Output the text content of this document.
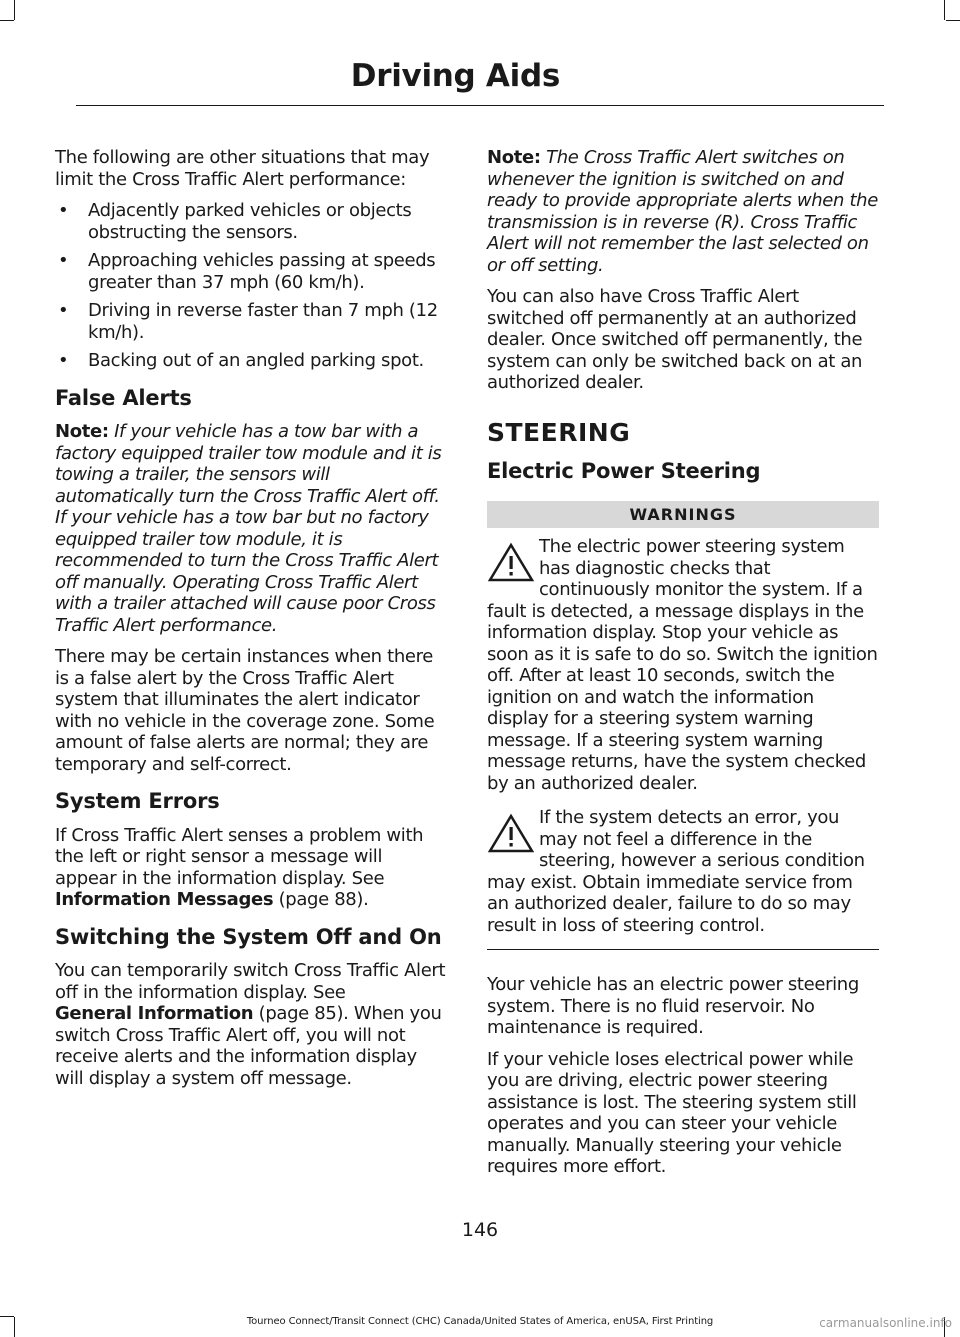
Driving Aids

The following are other situations that may limit the Cross Traffic Alert performance:

• Adjacently parked vehicles or objects obstructing the sensors.
• Approaching vehicles passing at speeds greater than 37 mph (60 km/h).
• Driving in reverse faster than 7 mph (12 km/h).
• Backing out of an angled parking spot.
False Alerts

Note: If your vehicle has a tow bar with a factory equipped trailer tow module and it is towing a trailer, the sensors will automatically turn the Cross Traffic Alert off. If your vehicle has a tow bar but no factory equipped trailer tow module, it is recommended to turn the Cross Traffic Alert off manually. Operating Cross Traffic Alert with a trailer attached will cause poor Cross Traffic Alert performance.

There may be certain instances when there is a false alert by the Cross Traffic Alert system that illuminates the alert indicator with no vehicle in the coverage zone. Some amount of false alerts are normal; they are temporary and self-correct.

System Errors

If Cross Traffic Alert senses a problem with the left or right sensor a message will appear in the information display. See
Information Messages (page 88).

Switching the System Off and On

You can temporarily switch Cross Traffic Alert off in the information display. See
General Information (page 85). When you switch Cross Traffic Alert off, you will not receive alerts and the information display will display a system off message.

Note: The Cross Traffic Alert switches on whenever the ignition is switched on and ready to provide appropriate alerts when the transmission is in reverse (R). Cross Traffic Alert will not remember the last selected on or off setting.

You can also have Cross Traffic Alert switched off permanently at an authorized dealer. Once switched off permanently, the system can only be switched back on at an authorized dealer.

STEERING
Electric Power Steering
WARNINGS
The electric power steering system has diagnostic checks that continuously monitor the system. If a fault is detected, a message displays in the information display. Stop your vehicle as soon as it is safe to do so. Switch the ignition off. After at least 10 seconds, switch the ignition on and watch the information display for a steering system warning message. If a steering system warning message returns, have the system checked by an authorized dealer.
If the system detects an error, you may not feel a difference in the steering, however a serious condition may exist. Obtain immediate service from an authorized dealer, failure to do so may result in loss of steering control.

Your vehicle has an electric power steering system. There is no fluid reservoir. No maintenance is required.

If your vehicle loses electrical power while you are driving, electric power steering assistance is lost. The steering system still operates and you can steer your vehicle manually. Manually steering your vehicle requires more effort.

146
Tourneo Connect/Transit Connect (CHC) Canada/United States of America, enUSA, First Printing	carmanualsonline.info
